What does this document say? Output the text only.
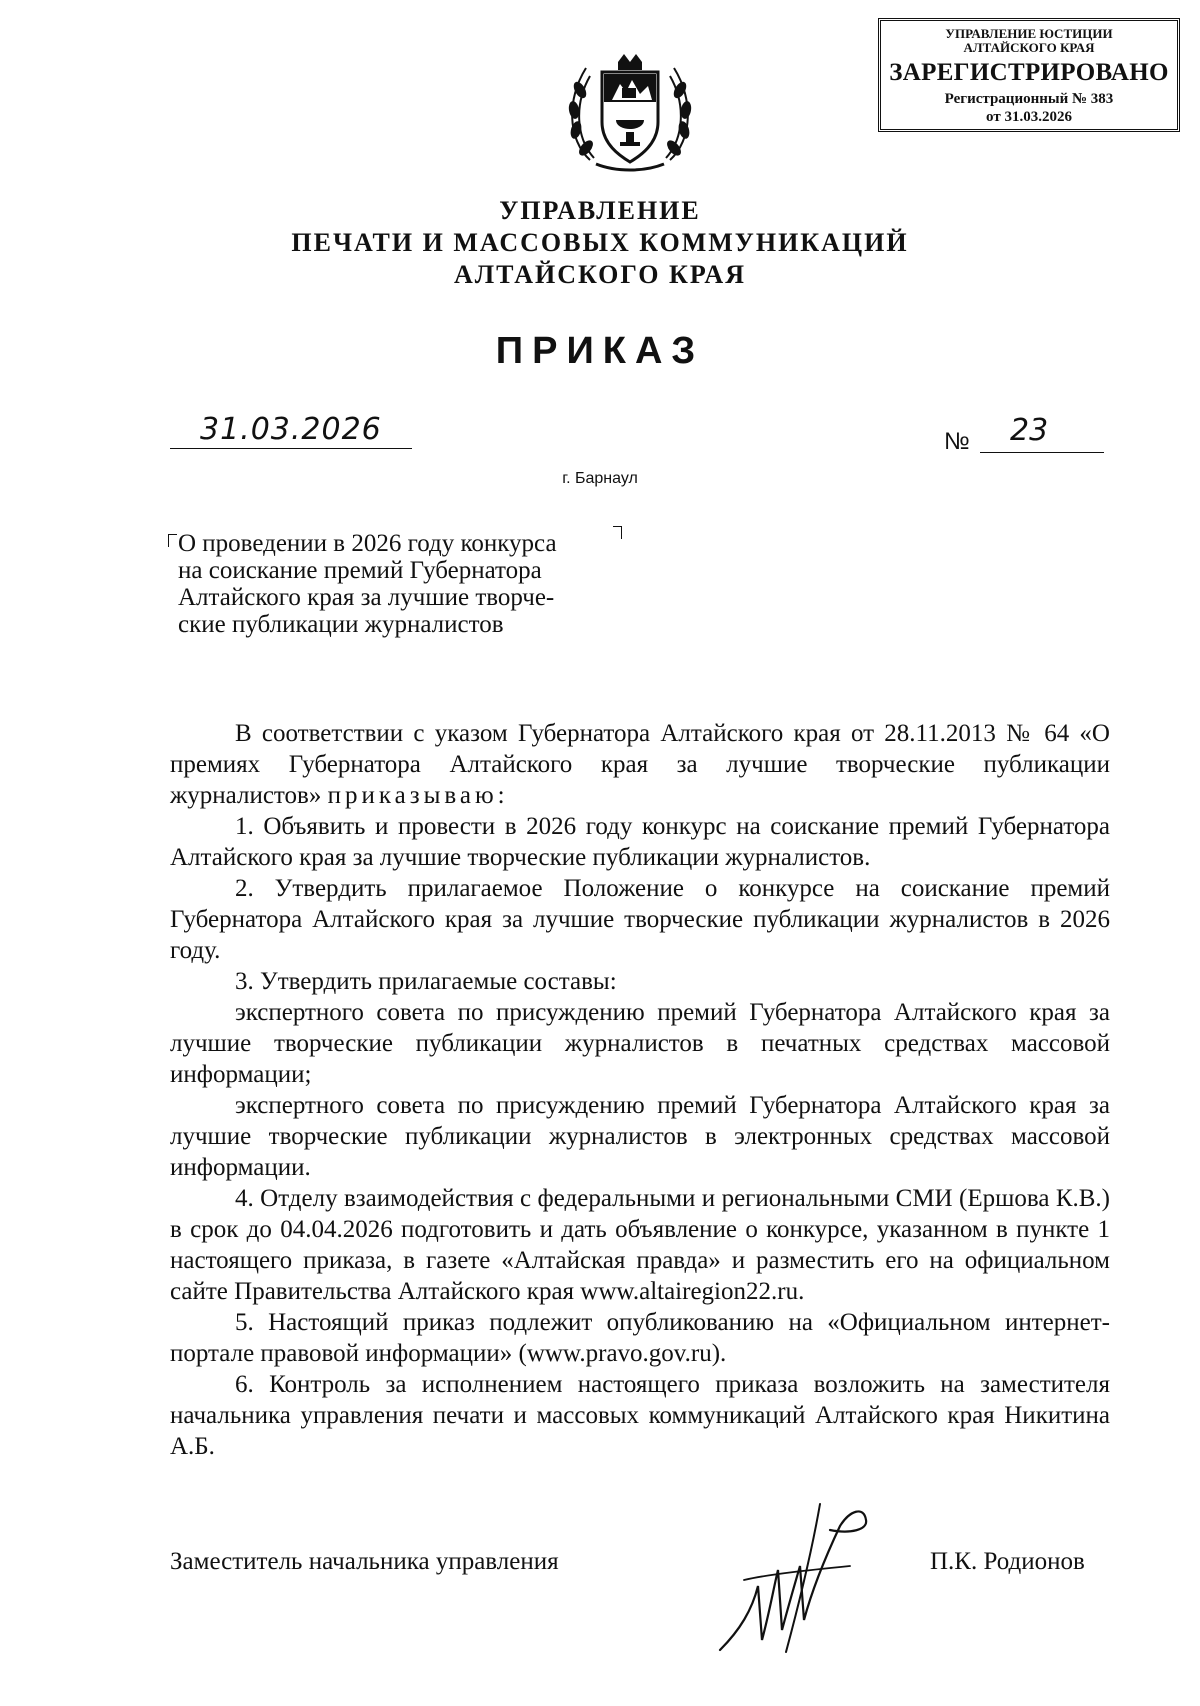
УПРАВЛЕНИЕ ЮСТИЦИИ
АЛТАЙСКОГО КРАЯ
ЗАРЕГИСТРИРОВАНО
Регистрационный № 383
от 31.03.2026
УПРАВЛЕНИЕ
ПЕЧАТИ И МАССОВЫХ КОММУНИКАЦИЙ
АЛТАЙСКОГО КРАЯ
ПРИКАЗ
31.03.2026	№ 23
г. Барнаул
О проведении в 2026 году конкурса
на соискание премий Губернатора
Алтайского края за лучшие творче-
ские публикации журналистов

В соответствии с указом Губернатора Алтайского края от 28.11.2013 № 64 «О премиях Губернатора Алтайского края за лучшие творческие публикации журналистов» приказываю:

1. Объявить и провести в 2026 году конкурс на соискание премий Губернатора Алтайского края за лучшие творческие публикации журналистов.

2. Утвердить прилагаемое Положение о конкурсе на соискание премий Губернатора Алтайского края за лучшие творческие публикации журналистов в 2026 году.

3. Утвердить прилагаемые составы:

экспертного совета по присуждению премий Губернатора Алтайского края за лучшие творческие публикации журналистов в печатных средствах массовой информации;

экспертного совета по присуждению премий Губернатора Алтайского края за лучшие творческие публикации журналистов в электронных средствах массовой информации.

4. Отделу взаимодействия с федеральными и региональными СМИ (Ершова К.В.) в срок до 04.04.2026 подготовить и дать объявление о конкурсе, указанном в пункте 1 настоящего приказа, в газете «Алтайская правда» и разместить его на официальном сайте Правительства Алтайского края www.altairegion22.ru.

5. Настоящий приказ подлежит опубликованию на «Официальном интернет-портале правовой информации» (www.pravo.gov.ru).

6. Контроль за исполнением настоящего приказа возложить на заместителя начальника управления печати и массовых коммуникаций Алтайского края Никитина А.Б.

Заместитель начальника управления	П.К. Родионов
